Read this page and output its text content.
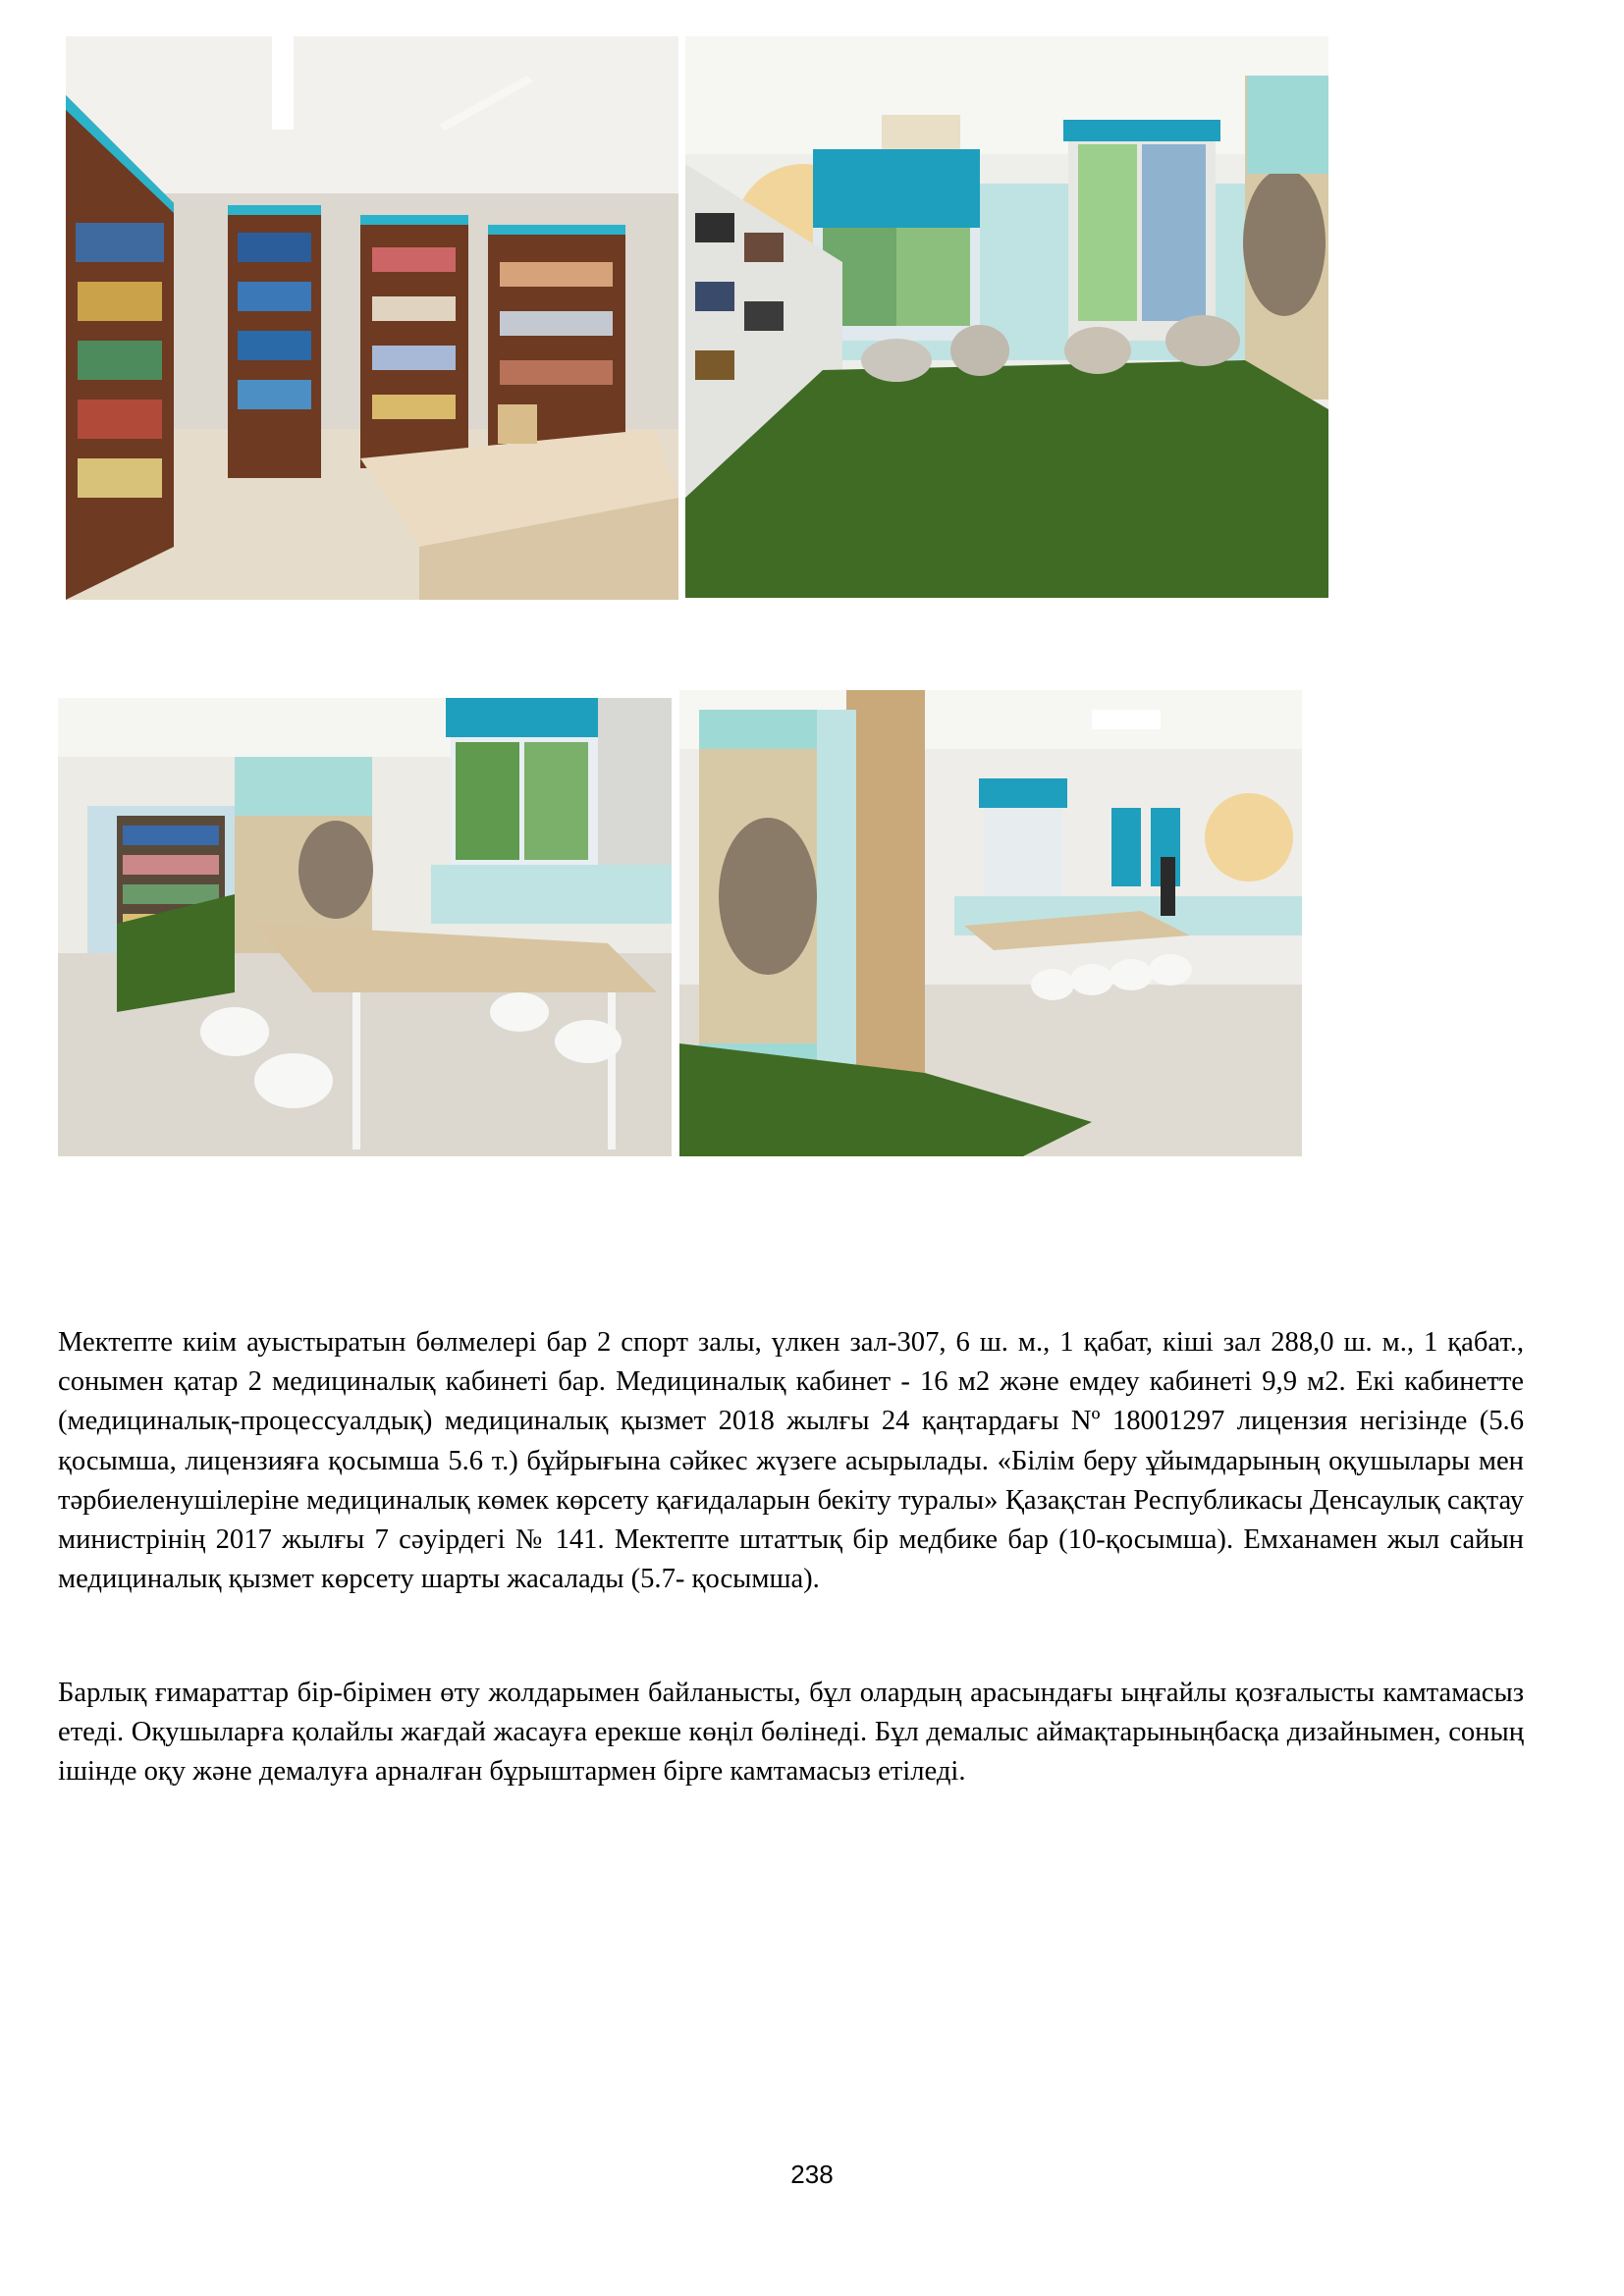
Мектепте киім ауыстыратын бөлмелері бар 2 спорт залы, үлкен зал-307, 6 ш. м., 1 қабат, кіші зал 288,0 ш. м., 1 қабат., сонымен қатар 2 медициналық кабинеті бар. Медициналық кабинет - 16 м2 және емдеу кабинеті 9,9 м2. Екі кабинетте (медициналық-процессуалдық) медициналық қызмет 2018 жылғы 24 қаңтардағы Nº 18001297 лицензия негізінде (5.6 қосымша, лицензияға қосымша 5.6 т.) бұйрығына сәйкес жүзеге асырылады. «Білім беру ұйымдарының оқушылары мен тәрбиеленушілеріне медициналық көмек көрсету қағидаларын бекіту туралы» Қазақстан Республикасы Денсаулық сақтау министрінің 2017 жылғы 7 сәуірдегі № 141. Мектепте штаттық бір медбике бар (10-қосымша). Емханамен жыл сайын медициналық қызмет көрсету шарты жасалады (5.7- қосымша).

Барлық ғимараттар бір-бірімен өту жолдарымен байланысты, бұл олардың арасындағы ыңғайлы қозғалысты камтамасыз етеді. Оқушыларға қолайлы жағдай жасауға ерекше көңіл бөлінеді. Бұл демалыс аймақтарыныңбасқа дизайнымен, соның ішінде оқу және демалуға арналған бұрыштармен бірге камтамасыз етіледі.

238
